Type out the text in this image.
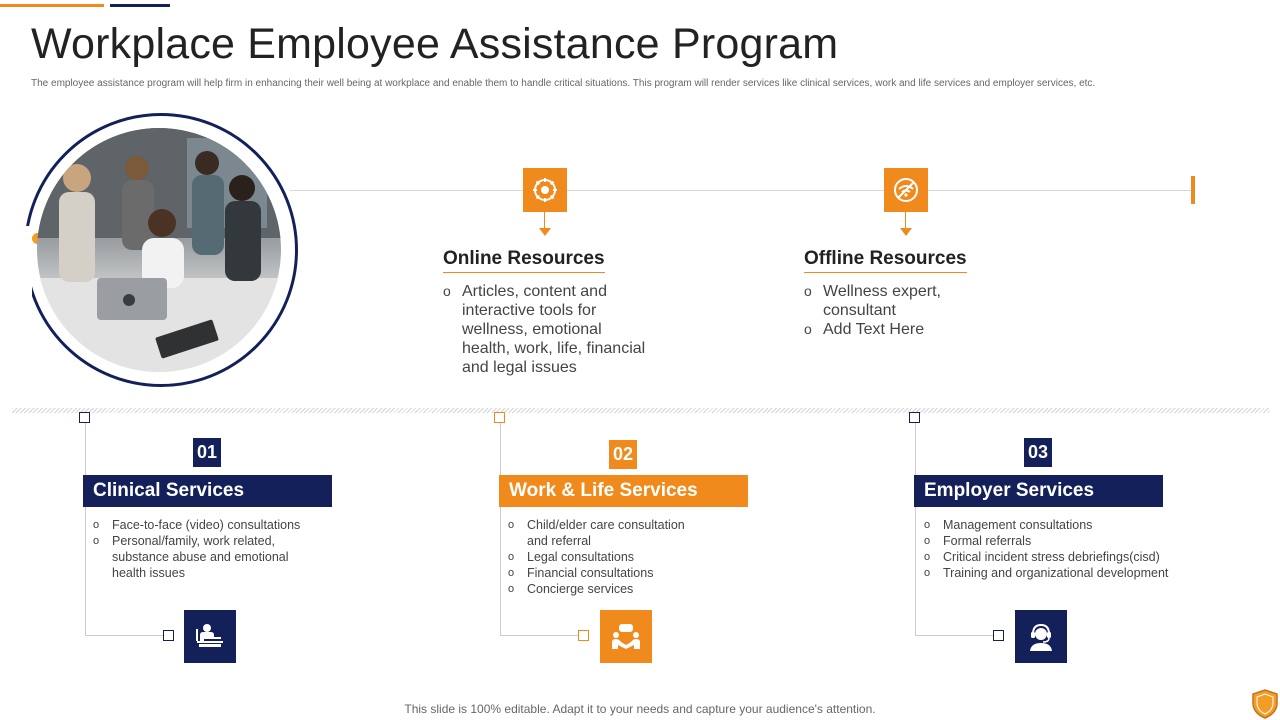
Workplace Employee Assistance Program

The employee assistance program will help firm in enhancing their well being at workplace and enable them to handle critical situations. This program will render services like clinical services, work and life services and employer services, etc.

Online Resources
o Articles, content and interactive tools for wellness, emotional health, work, life, financial and legal issues
Offline Resources
o Wellness expert, consultant
o Add Text Here
01
Clinical Services
o Face-to-face (video) consultations
o Personal/family, work related, substance abuse and emotional health issues
02
Work & Life Services
o Child/elder care consultation and referral
o Legal consultations
o Financial consultations
o Concierge services
03
Employer Services
o Management consultations
o Formal referrals
o Critical incident stress debriefings(cisd)
o Training and organizational development

This slide is 100% editable. Adapt it to your needs and capture your audience's attention.
